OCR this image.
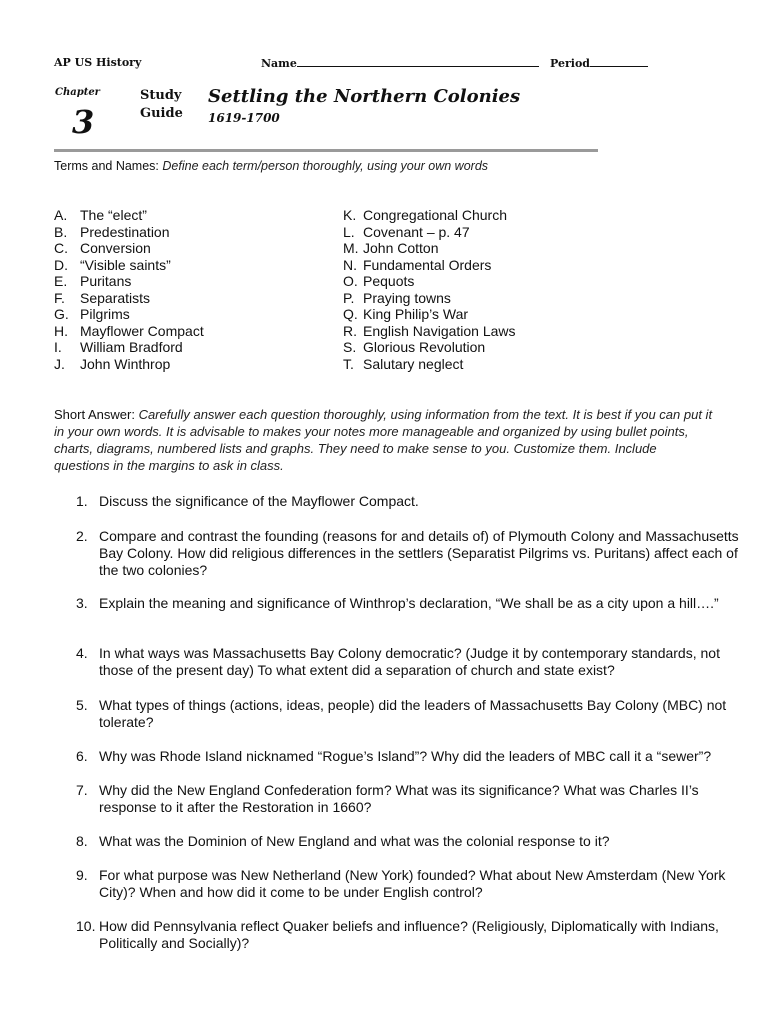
AP US History	Name	Period
Chapter
3
Study
Guide
Settling the Northern Colonies
1619-1700
Terms and Names: Define each term/person thoroughly, using your own words
A. The “elect”
B. Predestination
C. Conversion
D. “Visible saints”
E. Puritans
F. Separatists
G. Pilgrims
H. Mayflower Compact
I. William Bradford
J. John Winthrop
K. Congregational Church
L. Covenant – p. 47
M. John Cotton
N. Fundamental Orders
O. Pequots
P. Praying towns
Q. King Philip’s War
R. English Navigation Laws
S. Glorious Revolution
T. Salutary neglect
Short Answer: Carefully answer each question thoroughly, using information from the text. It is best if you can put it in your own words. It is advisable to makes your notes more manageable and organized by using bullet points, charts, diagrams, numbered lists and graphs. They need to make sense to you. Customize them. Include questions in the margins to ask in class.
1. Discuss the significance of the Mayflower Compact.
2. Compare and contrast the founding (reasons for and details of) of Plymouth Colony and Massachusetts Bay Colony. How did religious differences in the settlers (Separatist Pilgrims vs. Puritans) affect each of the two colonies?
3. Explain the meaning and significance of Winthrop’s declaration, “We shall be as a city upon a hill….”
4. In what ways was Massachusetts Bay Colony democratic? (Judge it by contemporary standards, not those of the present day) To what extent did a separation of church and state exist?
5. What types of things (actions, ideas, people) did the leaders of Massachusetts Bay Colony (MBC) not tolerate?
6. Why was Rhode Island nicknamed “Rogue’s Island”? Why did the leaders of MBC call it a “sewer”?
7. Why did the New England Confederation form? What was its significance? What was Charles II’s response to it after the Restoration in 1660?
8. What was the Dominion of New England and what was the colonial response to it?
9. For what purpose was New Netherland (New York) founded? What about New Amsterdam (New York City)? When and how did it come to be under English control?
10. How did Pennsylvania reflect Quaker beliefs and influence? (Religiously, Diplomatically with Indians, Politically and Socially)?
